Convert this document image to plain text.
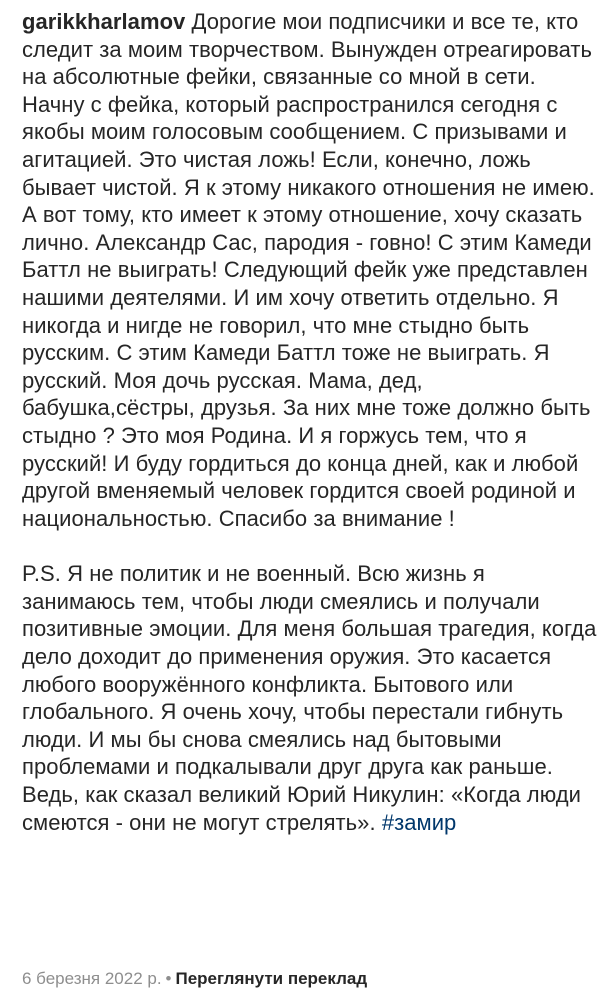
garikkharlamov Дорогие мои подписчики и все те, кто следит за моим творчеством. Вынужден отреагировать на абсолютные фейки, связанные со мной в сети. Начну с фейка, который распространился сегодня с якобы моим голосовым сообщением. С призывами и агитацией. Это чистая ложь! Если, конечно, ложь бывает чистой. Я к этому никакого отношения не имею. А вот тому, кто имеет к этому отношение, хочу сказать лично. Александр Сас, пародия - говно! С этим Камеди Баттл не выиграть! Следующий фейк уже представлен нашими деятелями. И им хочу ответить отдельно. Я никогда и нигде не говорил, что мне стыдно быть русским. С этим Камеди Баттл тоже не выиграть. Я русский. Моя дочь русская. Мама, дед, бабушка,сёстры, друзья. За них мне тоже должно быть стыдно ? Это моя Родина. И я горжусь тем, что я русский! И буду гордиться до конца дней, как и любой другой вменяемый человек гордится своей родиной и национальностью. Спасибо за внимание !

P.S. Я не политик и не военный. Всю жизнь я занимаюсь тем, чтобы люди смеялись и получали позитивные эмоции. Для меня большая трагедия, когда дело доходит до применения оружия. Это касается любого вооружённого конфликта. Бытового или глобального. Я очень хочу, чтобы перестали гибнуть люди. И мы бы снова смеялись над бытовыми проблемами и подкалывали друг друга как раньше. Ведь, как сказал великий Юрий Никулин: «Когда люди смеются - они не могут стрелять». #замир

6 березня 2022 р. • Переглянути переклад
